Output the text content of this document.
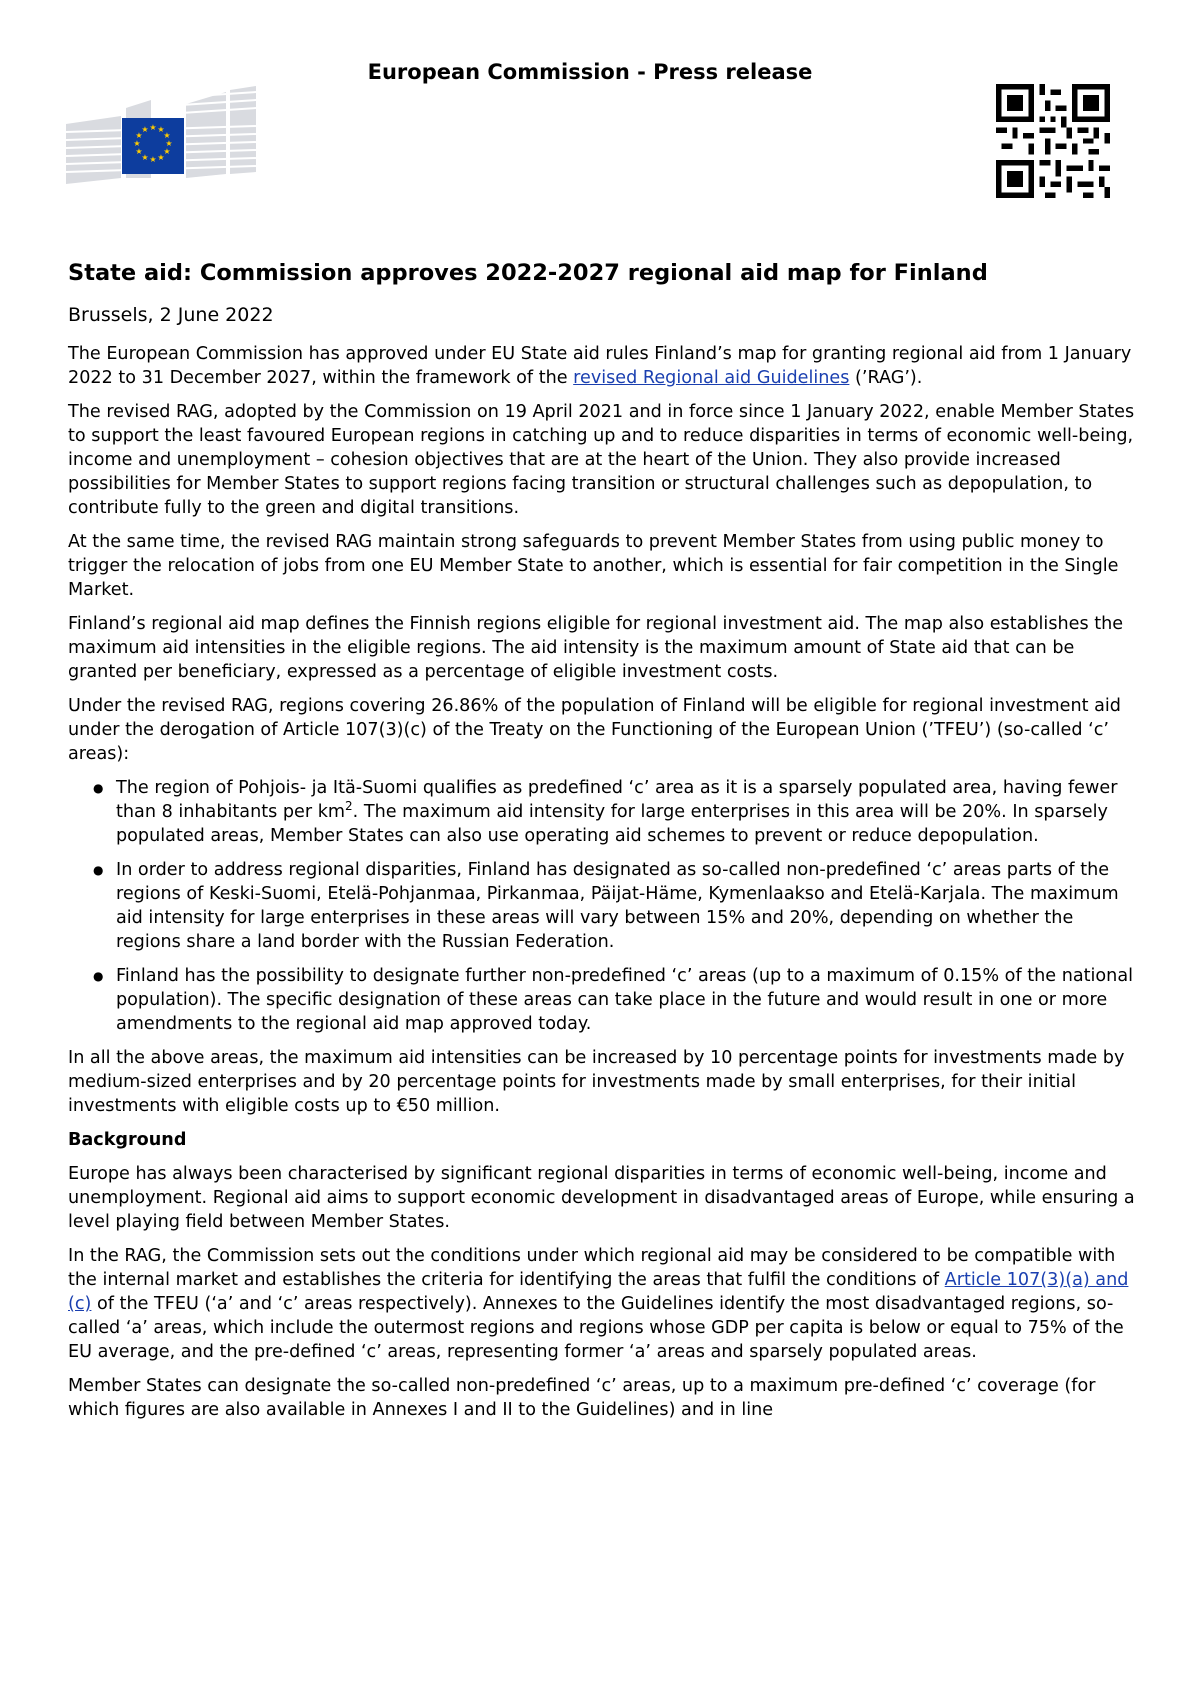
European Commission - Press release
★ ★
★
★
★
★
★
★
★
★
★
★
State aid: Commission approves 2022-2027 regional aid map for Finland
Brussels, 2 June 2022

The European Commission has approved under EU State aid rules Finland’s map for granting regional aid from 1 January 2022 to 31 December 2027, within the framework of the revised Regional aid Guidelines (’RAG’).

The revised RAG, adopted by the Commission on 19 April 2021 and in force since 1 January 2022, enable Member States to support the least favoured European regions in catching up and to reduce disparities in terms of economic well-being, income and unemployment – cohesion objectives that are at the heart of the Union. They also provide increased possibilities for Member States to support regions facing transition or structural challenges such as depopulation, to contribute fully to the green and digital transitions.

At the same time, the revised RAG maintain strong safeguards to prevent Member States from using public money to trigger the relocation of jobs from one EU Member State to another, which is essential for fair competition in the Single Market.

Finland’s regional aid map defines the Finnish regions eligible for regional investment aid. The map also establishes the maximum aid intensities in the eligible regions. The aid intensity is the maximum amount of State aid that can be granted per beneficiary, expressed as a percentage of eligible investment costs.

Under the revised RAG, regions covering 26.86% of the population of Finland will be eligible for regional investment aid under the derogation of Article 107(3)(c) of the Treaty on the Functioning of the European Union (’TFEU’) (so-called ‘c’ areas):

● The region of Pohjois- ja Itä-Suomi qualifies as predefined ‘c’ area as it is a sparsely populated area, having fewer than 8 inhabitants per $km^2$. The maximum aid intensity for large enterprises in this area will be 20%. In sparsely populated areas, Member States can also use operating aid schemes to prevent or reduce depopulation.
● In order to address regional disparities, Finland has designated as so-called non-predefined ‘c’ areas parts of the regions of Keski-Suomi, Etelä-Pohjanmaa, Pirkanmaa, Päijat-Häme, Kymenlaakso and Etelä-Karjala. The maximum aid intensity for large enterprises in these areas will vary between 15% and 20%, depending on whether the regions share a land border with the Russian Federation.
● Finland has the possibility to designate further non-predefined ‘c’ areas (up to a maximum of 0.15% of the national population). The specific designation of these areas can take place in the future and would result in one or more amendments to the regional aid map approved today.

In all the above areas, the maximum aid intensities can be increased by 10 percentage points for investments made by medium-sized enterprises and by 20 percentage points for investments made by small enterprises, for their initial investments with eligible costs up to €50 million.

Background

Europe has always been characterised by significant regional disparities in terms of economic well-being, income and unemployment. Regional aid aims to support economic development in disadvantaged areas of Europe, while ensuring a level playing field between Member States.

In the RAG, the Commission sets out the conditions under which regional aid may be considered to be compatible with the internal market and establishes the criteria for identifying the areas that fulfil the conditions of Article 107(3)(a) and (c) of the TFEU (‘a’ and ‘c’ areas respectively). Annexes to the Guidelines identify the most disadvantaged regions, so-called ‘a’ areas, which include the outermost regions and regions whose GDP per capita is below or equal to 75% of the EU average, and the pre-defined ‘c’ areas, representing former ‘a’ areas and sparsely populated areas.

Member States can designate the so-called non-predefined ‘c’ areas, up to a maximum pre-defined ‘c’ coverage (for which figures are also available in Annexes I and II to the Guidelines) and in line
